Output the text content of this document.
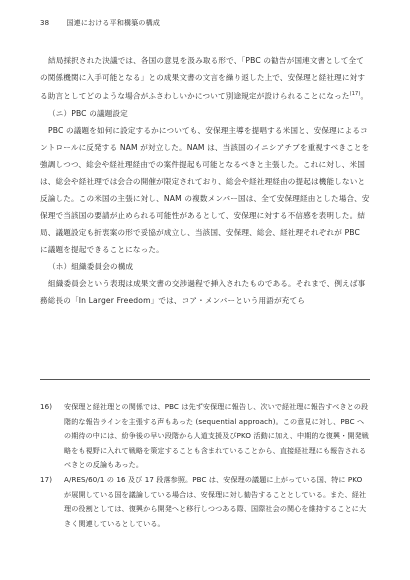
38 国連における平和構築の構成

結局採択された決議では、各国の意見を汲み取る形で、「PBC の勧告が国連文書として全ての関係機関に入手可能となる」との成果文書の文言を繰り返した上で、安保理と経社理に対する助言としてどのような場合がふさわしいかについて別途規定が設けられることになった$^{(17)}$。

（ニ）PBC の議題設定

PBC の議題を如何に設定するかについても、安保理主導を提唱する米国と、安保理によるコントロールに反発する NAM が対立した。NAM は、当該国のイニシアチブを重視すべきことを強調しつつ、総会や経社理経由での案件提起も可能となるべきと主張した。これに対し、米国は、総会や経社理では会合の開催が限定されており、総会や経社理経由の提起は機能しないと反論した。この米国の主張に対し、NAM の複数メンバー国は、全て安保理経由とした場合、安保理で当該国の要請が止められる可能性があるとして、安保理に対する不信感を表明した。結局、議題設定も折衷案の形で妥協が成立し、当該国、安保理、総会、経社理それぞれが PBC に議題を提起できることになった。

（ホ）組織委員会の構成

組織委員会という表現は成果文書の交渉過程で挿入されたものである。それまで、例えば事務総長の「In Larger Freedom」では、コア・メンバーという用語が充てら

16) 安保理と経社理との関係では、PBC は先ず安保理に報告し、次いで経社理に報告すべきとの段階的な報告ラインを主張する声もあった (sequential approach)。この意見に対し、PBC への期待の中には、紛争後の早い段階から人道支援及びPKO 活動に加え、中期的な復興・開発戦略をも視野に入れて戦略を策定することも含まれていることから、直接経社理にも報告されるべきとの反論もあった。

17) A/RES/60/1 の 16 及び 17 段落参照。PBC は、安保理の議題に上がっている国、特に PKO が展開している国を議論している場合は、安保理に対し勧告することとしている。また、経社理の役割としては、復興から開発へと移行しつつある際、国際社会の関心を維持することに大きく関連しているとしている。
